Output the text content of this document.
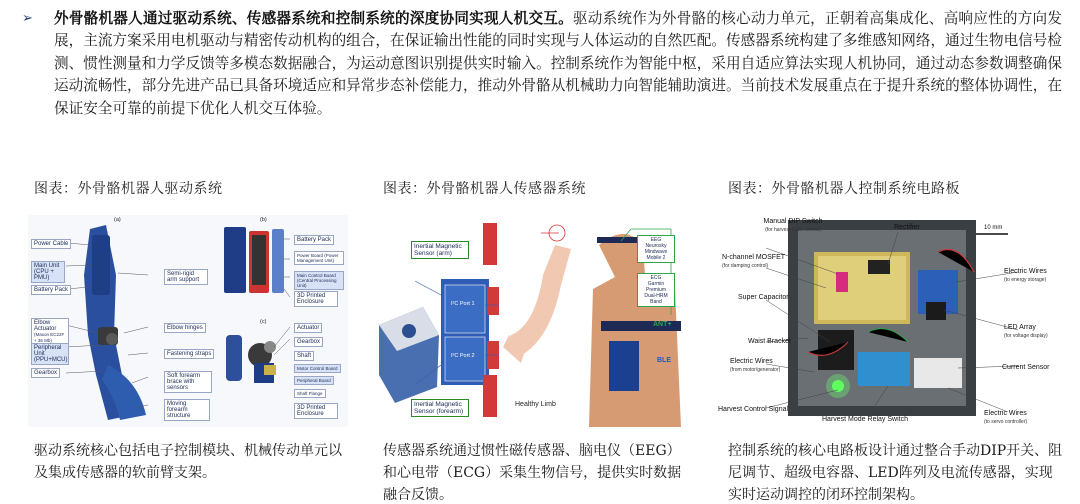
➢	外骨骼机器人通过驱动系统、传感器系统和控制系统的深度协同实现人机交互。驱动系统作为外骨骼的核心动力单元，正朝着高集成化、高响应性的方向发展，主流方案采用电机驱动与精密传动机构的组合，在保证输出性能的同时实现与人体运动的自然匹配。传感器系统构建了多维感知网络，通过生物电信号检测、惯性测量和力学反馈等多模态数据融合，为运动意图识别提供实时输入。控制系统作为智能中枢，采用自适应算法实现人机协同，通过动态参数调整确保运动流畅性，部分先进产品已具备环境适应和异常步态补偿能力，推动外骨骼从机械助力向智能辅助演进。当前技术发展重点在于提升系统的整体协调性，在保证安全可靠的前提下优化人机交互体验。

图表：外骨骼机器人驱动系统
(a)	(b)
(c)
Power Cable
Main Unit (CPU + PMU)
Battery Pack
Elbow Actuator
(Maxon EC22F + 36 Mb)
Peripheral Unit (PPU+MCU)
Gearbox
Semi-rigid arm support
Elbow hinges
Fastening straps
Soft forearm brace with sensors
Moving forearm structure
Battery Pack
Power Board (Power Management Unit)
Main Control Board (Central Processing Unit)
3D Printed Enclosure
Actuator
Gearbox
Shaft
Motor Control Board
Peripheral Board
Shaft Flange
3D Printed Enclosure
驱动系统核心包括电子控制模块、机械传动单元以及集成传感器的软前臂支架。
图表：外骨骼机器人传感器系统
Inertial Magnetic Sensor (arm)
Inertial Magnetic Sensor (forearm)
I²C Port 1
I²C Port 2
Healthy Limb
EEG
Neurosky Mindwave Mobile 2
ECG
Garmin Premium Dual-HRM Band
ANT+
BLE
传感器系统通过惯性磁传感器、脑电仪（EEG）和心电带（ECG）采集生物信号，提供实时数据融合反馈。
图表：外骨骼机器人控制系统电路板
Manual DIP Switch
(for harvest GND control)
N-channel MOSFET
(for damping control)
Super Capacitor
Waist Bracket
Electric Wires
(from motor/generator)
Harvest Control Signal
Rectifier	10 mm
Electric Wires
(to energy storage)
LED Array
(for voltage display)
Current Sensor
Electric Wires
(to servo controller)
Harvest Mode Relay Switch
控制系统的核心电路板设计通过整合手动DIP开关、阻尼调节、超级电容器、LED阵列及电流传感器，实现实时运动调控的闭环控制架构。
